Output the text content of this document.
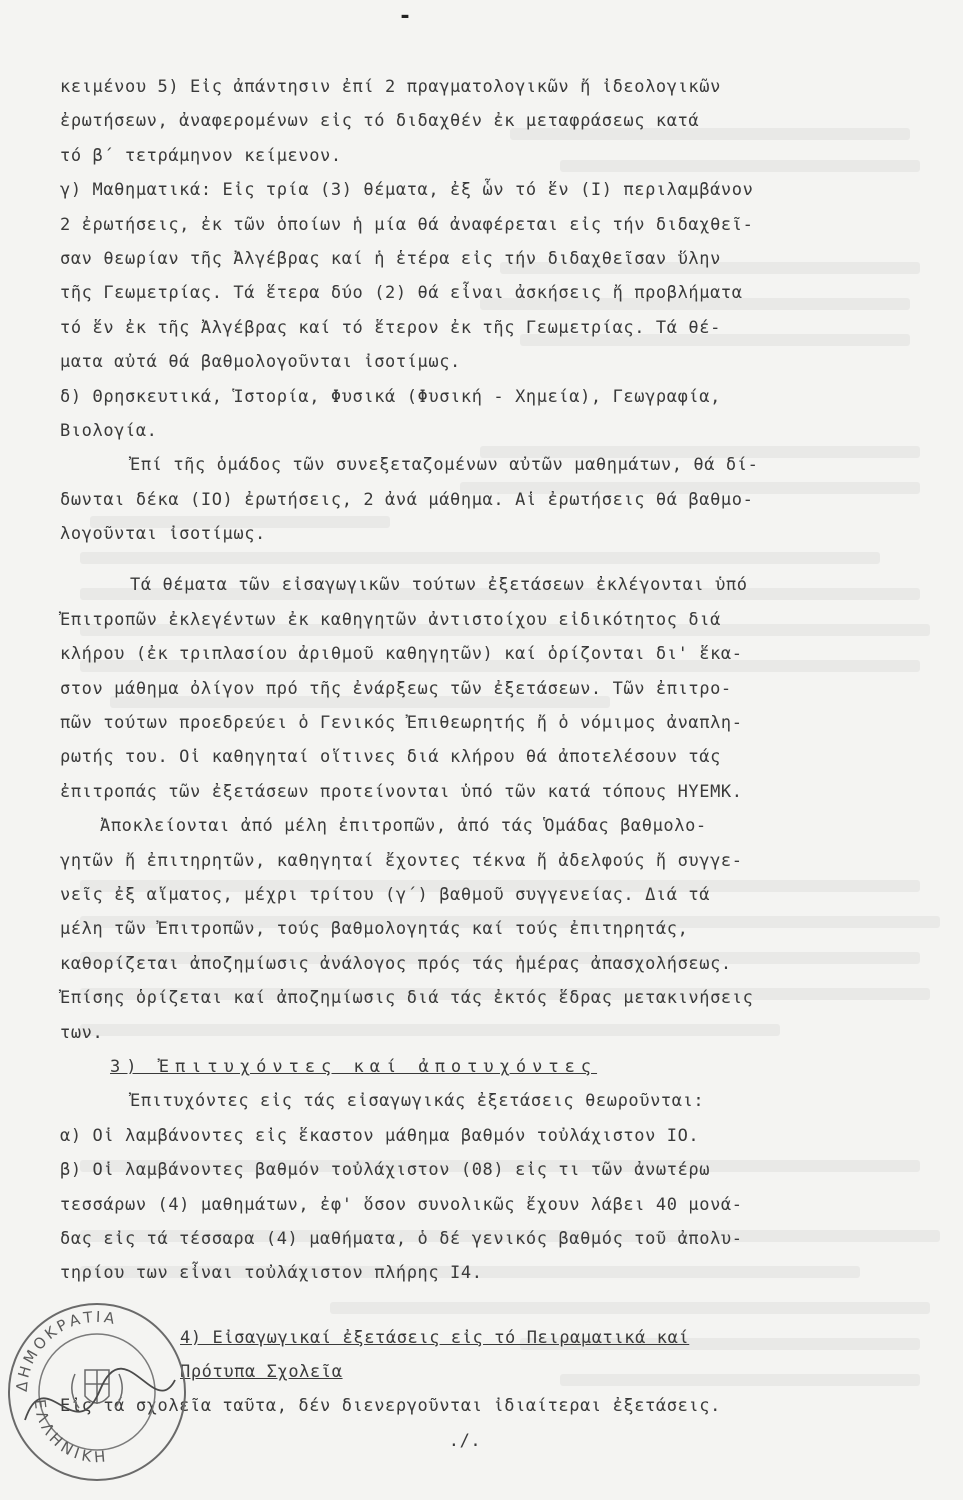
-
κειμένου 5) Εἰς ἀπάντησιν ἐπί 2 πραγματολογικῶν ἤ ἰδεολογικῶν
ἐρωτήσεων, ἀναφερομένων εἰς τό διδαχθέν ἐκ μεταφράσεως κατά
τό β΄ τετράμηνον κείμενον.
γ) Μαθηματικά: Εἰς τρία (3) θέματα, ἐξ ὧν τό ἕν (I) περιλαμβάνον
2 ἐρωτήσεις, ἐκ τῶν ὁποίων ἡ μία θά ἀναφέρεται εἰς τήν διδαχθεῖ-
σαν θεωρίαν τῆς Ἀλγέβρας καί ἡ ἑτέρα εἰς τήν διδαχθεῖσαν ὕλην
τῆς Γεωμετρίας. Τά ἕτερα δύο (2) θά εἶναι ἀσκήσεις ἤ προβλήματα
τό ἕν ἐκ τῆς Ἀλγέβρας καί τό ἕτερον ἐκ τῆς Γεωμετρίας. Τά θέ-
ματα αὐτά θά βαθμολογοῦνται ἰσοτίμως.
δ) Θρησκευτικά, Ἱστορία, Φυσικά (Φυσική - Χημεία), Γεωγραφία,
Βιολογία.
Ἐπί τῆς ὁμάδος τῶν συνεξεταζομένων αὐτῶν μαθημάτων, θά δί-
δωνται δέκα (IO) ἐρωτήσεις, 2 ἀνά μάθημα. Αἱ ἐρωτήσεις θά βαθμο-
λογοῦνται ἰσοτίμως.
Τά θέματα τῶν εἰσαγωγικῶν τούτων ἐξετάσεων ἐκλέγονται ὑπό
Ἐπιτροπῶν ἐκλεγέντων ἐκ καθηγητῶν ἀντιστοίχου εἰδικότητος διά
κλήρου (ἐκ τριπλασίου ἀριθμοῦ καθηγητῶν) καί ὁρίζονται δι' ἕκα-
στον μάθημα ὀλίγον πρό τῆς ἐνάρξεως τῶν ἐξετάσεων. Τῶν ἐπιτρο-
πῶν τούτων προεδρεύει ὁ Γενικός Ἐπιθεωρητής ἤ ὁ νόμιμος ἀναπλη-
ρωτής του. Οἱ καθηγηταί οἵτινες διά κλήρου θά ἀποτελέσουν τάς
ἐπιτροπάς τῶν ἐξετάσεων προτείνονται ὑπό τῶν κατά τόπους ΗΥΕΜΚ.
Ἀποκλείονται ἀπό μέλη ἐπιτροπῶν, ἀπό τάς Ὁμάδας βαθμολο-
γητῶν ἤ ἐπιτηρητῶν, καθηγηταί ἔχοντες τέκνα ἤ ἀδελφούς ἤ συγγε-
νεῖς ἐξ αἵματος, μέχρι τρίτου (γ΄) βαθμοῦ συγγενείας. Διά τά
μέλη τῶν Ἐπιτροπῶν, τούς βαθμολογητάς καί τούς ἐπιτηρητάς,
καθορίζεται ἀποζημίωσις ἀνάλογος πρός τάς ἡμέρας ἀπασχολήσεως.
Ἐπίσης ὁρίζεται καί ἀποζημίωσις διά τάς ἐκτός ἕδρας μετακινήσεις
των.
3) Ἐπιτυχόντες καί ἀποτυχόντες
Ἐπιτυχόντες εἰς τάς εἰσαγωγικάς ἐξετάσεις θεωροῦνται:
α) Οἱ λαμβάνοντες εἰς ἕκαστον μάθημα βαθμόν τοὐλάχιστον IO.
β) Οἱ λαμβάνοντες βαθμόν τοὐλάχιστον (08) εἰς τι τῶν ἀνωτέρω
τεσσάρων (4) μαθημάτων, ἐφ' ὅσον συνολικῶς ἔχουν λάβει 40 μονά-
δας εἰς τά τέσσαρα (4) μαθήματα, ὁ δέ γενικός βαθμός τοῦ ἀπολυ-
τηρίου των εἶναι τοὐλάχιστον πλήρης I4.
4) Εἰσαγωγικαί ἐξετάσεις εἰς τό Πειραματικά καί
Πρότυπα Σχολεῖα
Εἰς τά σχολεῖα ταῦτα, δέν διενεργοῦνται ἰδιαίτεραι ἐξετάσεις.
./.
ΔΗΜΟΚΡΑΤΙΑ
ΕΛΛΗΝΙΚΗ
